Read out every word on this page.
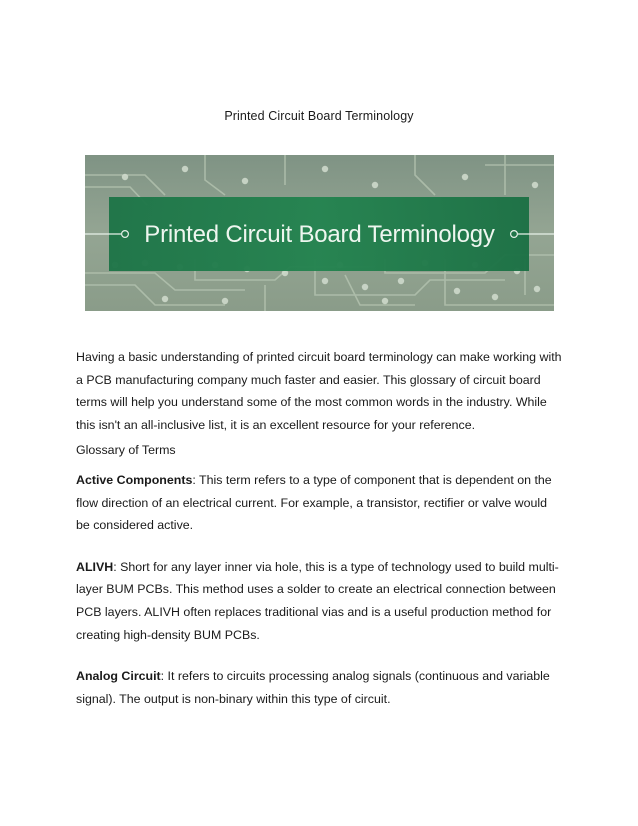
Printed Circuit Board Terminology
Printed Circuit Board Terminology

Having a basic understanding of printed circuit board terminology can make working with a PCB manufacturing company much faster and easier. This glossary of circuit board terms will help you understand some of the most common words in the industry. While this isn't an all-inclusive list, it is an excellent resource for your reference.

Glossary of Terms

Active Components: This term refers to a type of component that is dependent on the flow direction of an electrical current. For example, a transistor, rectifier or valve would be considered active.

ALIVH: Short for any layer inner via hole, this is a type of technology used to build multi-layer BUM PCBs. This method uses a solder to create an electrical connection between PCB layers. ALIVH often replaces traditional vias and is a useful production method for creating high-density BUM PCBs.

Analog Circuit: It refers to circuits processing analog signals (continuous and variable signal). The output is non-binary within this type of circuit.
